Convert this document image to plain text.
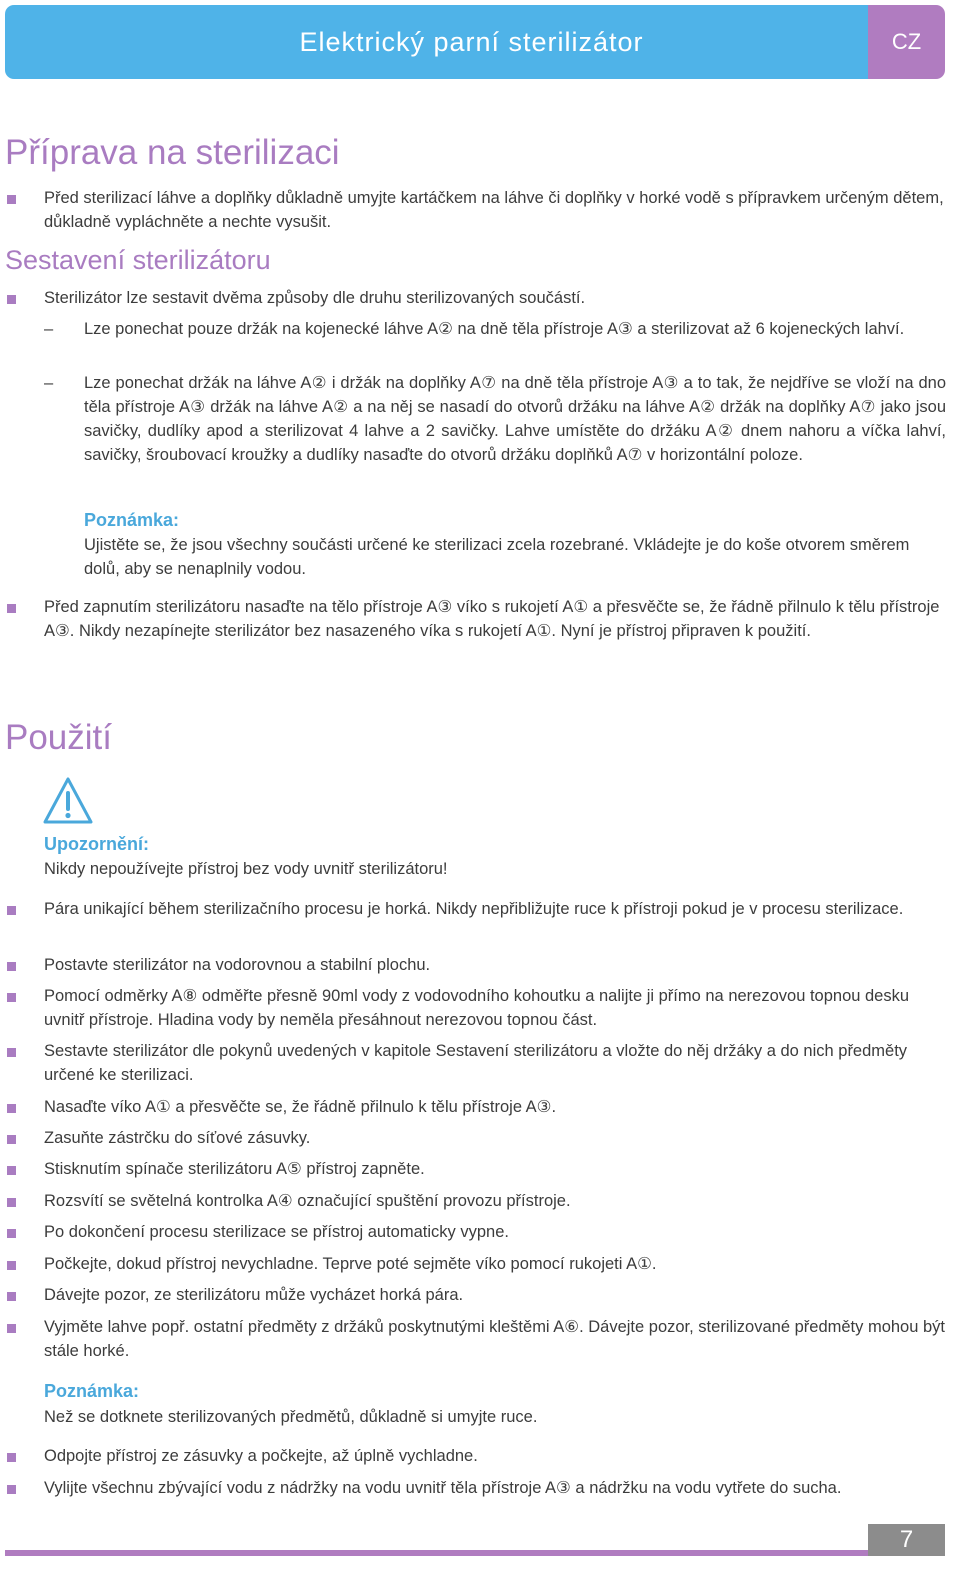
Elektrický parní sterilizátor	CZ
Příprava na sterilizaci
Před sterilizací láhve a doplňky důkladně umyjte kartáčkem na láhve či doplňky v horké vodě s přípravkem určeným dětem, důkladně vypláchněte a nechte vysušit.
Sestavení sterilizátoru
Sterilizátor lze sestavit dvěma způsoby dle druhu sterilizovaných součástí.
– Lze ponechat pouze držák na kojenecké láhve A② na dně těla přístroje A③ a sterilizovat až 6 kojeneckých lahví.
– Lze ponechat držák na láhve A② i držák na doplňky A⑦ na dně těla přístroje A③ a to tak, že nejdříve se vloží na dno těla přístroje A③ držák na láhve A② a na něj se nasadí do otvorů držáku na láhve A② držák na doplňky A⑦ jako jsou savičky, dudlíky apod a sterilizovat 4 lahve a 2 savičky. Lahve umístěte do držáku A② dnem nahoru a víčka lahví, savičky, šroubovací kroužky a dudlíky nasaďte do otvorů držáku doplňků A⑦ v horizontální poloze.
Poznámka:
Ujistěte se, že jsou všechny součásti určené ke sterilizaci zcela rozebrané. Vkládejte je do koše otvorem směrem dolů, aby se nenaplnily vodou.
Před zapnutím sterilizátoru nasaďte na tělo přístroje A③ víko s rukojetí A① a přesvěčte se, že řádně přilnulo k tělu přístroje A③. Nikdy nezapínejte sterilizátor bez nasazeného víka s rukojetí A①. Nyní je přístroj připraven k použití.
Použití
Upozornění:
Nikdy nepoužívejte přístroj bez vody uvnitř sterilizátoru!
Pára unikající během sterilizačního procesu je horká. Nikdy nepřibližujte ruce k přístroji pokud je v procesu sterilizace.
Postavte sterilizátor na vodorovnou a stabilní plochu.
Pomocí odměrky A⑧ odměřte přesně 90ml vody z vodovodního kohoutku a nalijte ji přímo na nerezovou topnou desku uvnitř přístroje. Hladina vody by neměla přesáhnout nerezovou topnou část.
Sestavte sterilizátor dle pokynů uvedených v kapitole Sestavení sterilizátoru a vložte do něj držáky a do nich předměty určené ke sterilizaci.
Nasaďte víko A① a přesvěčte se, že řádně přilnulo k tělu přístroje A③.
Zasuňte zástrčku do síťové zásuvky.
Stisknutím spínače sterilizátoru A⑤ přístroj zapněte.
Rozsvítí se světelná kontrolka A④ označující spuštění provozu přístroje.
Po dokončení procesu sterilizace se přístroj automaticky vypne.
Počkejte, dokud přístroj nevychladne. Teprve poté sejměte víko pomocí rukojeti A①.
Dávejte pozor, ze sterilizátoru může vycházet horká pára.
Vyjměte lahve popř. ostatní předměty z držáků poskytnutými kleštěmi A⑥. Dávejte pozor, sterilizované předměty mohou být stále horké.
Poznámka:
Než se dotknete sterilizovaných předmětů, důkladně si umyjte ruce.
Odpojte přístroj ze zásuvky a počkejte, až úplně vychladne.
Vylijte všechnu zbývající vodu z nádržky na vodu uvnitř těla přístroje A③ a nádržku na vodu vytřete do sucha.
7
